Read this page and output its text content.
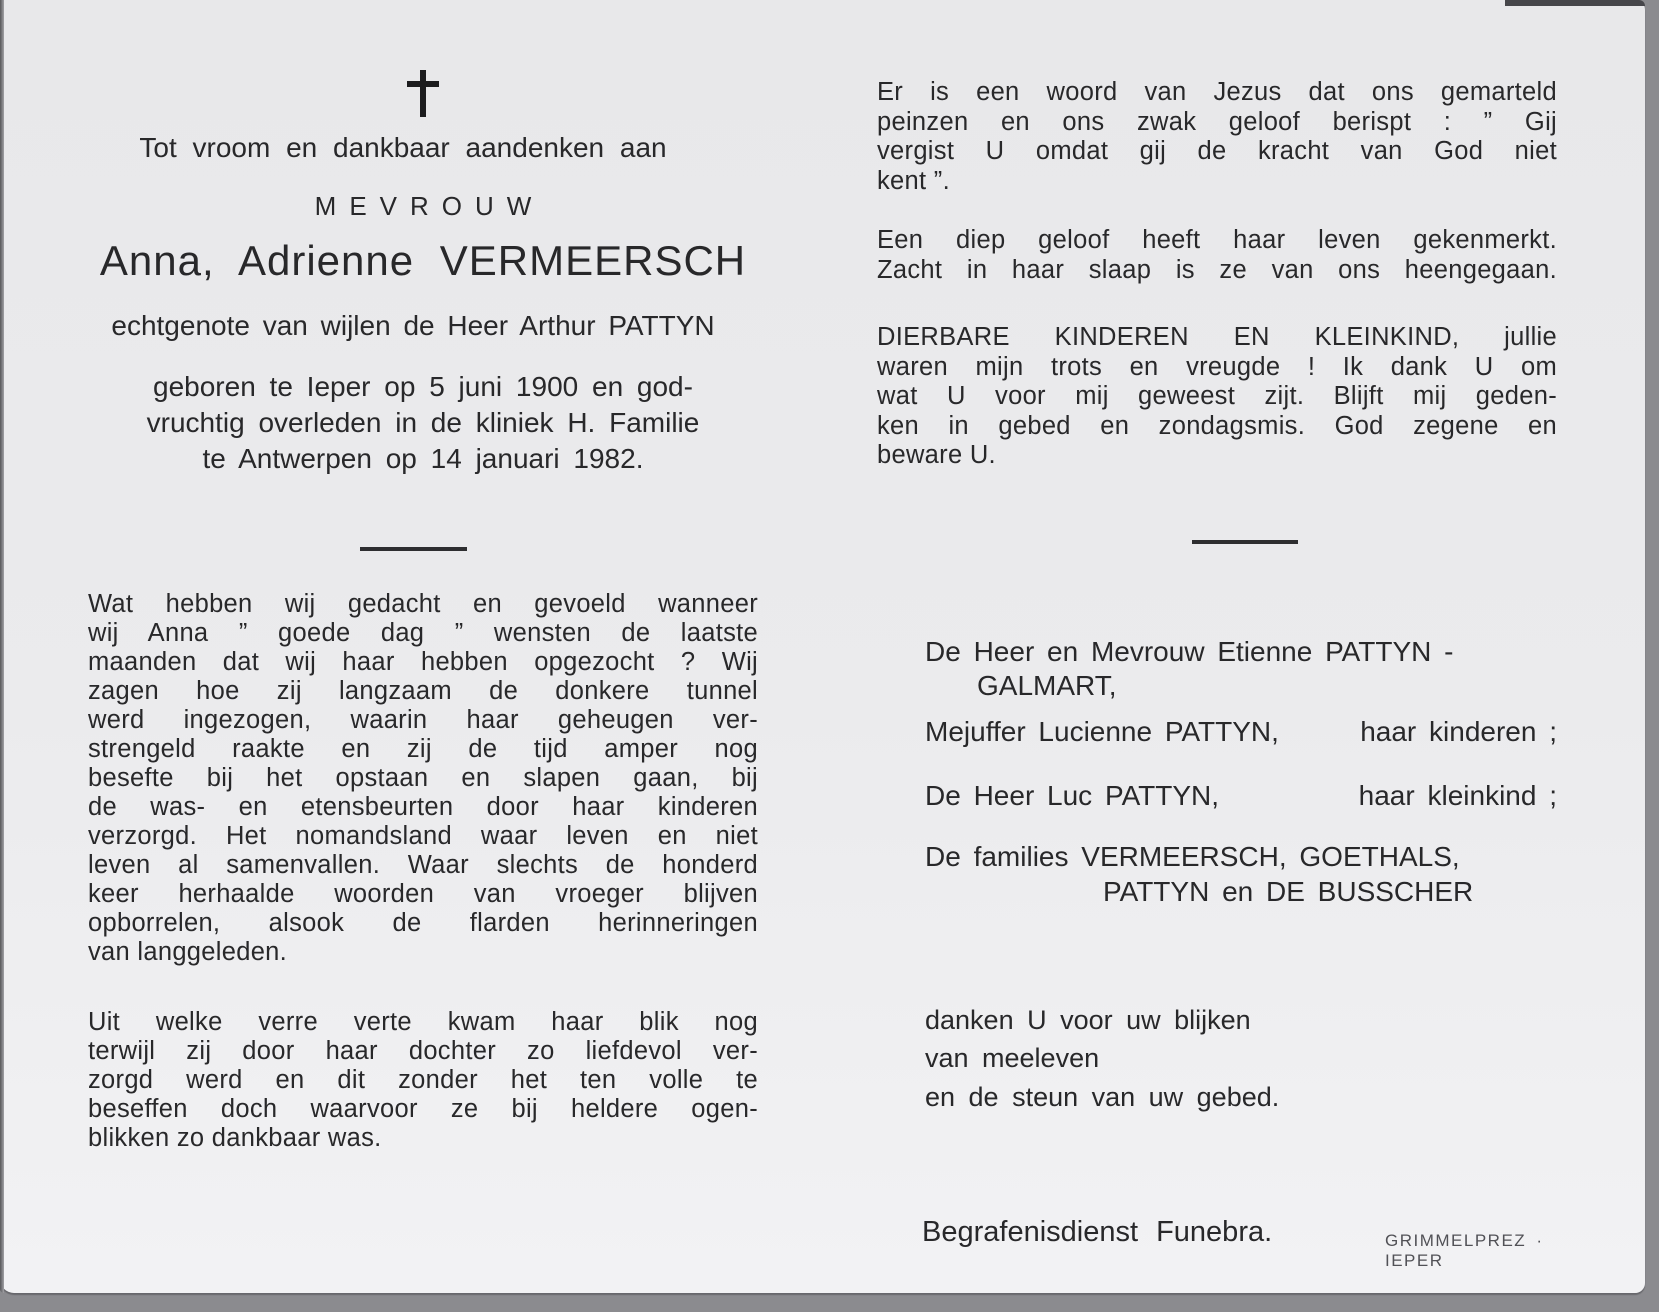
Tot vroom en dankbaar aandenken aan
MEVROUW
Anna, Adrienne VERMEERSCH
echtgenote van wijlen de Heer Arthur PATTYN
geboren te Ieper op 5 juni 1900 en god-
vruchtig overleden in de kliniek H. Familie
te Antwerpen op 14 januari 1982.
Wat hebben wij gedacht en gevoeld wanneer
wij Anna ” goede dag ” wensten de laatste
maanden dat wij haar hebben opgezocht ? Wij
zagen hoe zij langzaam de donkere tunnel
werd ingezogen, waarin haar geheugen ver-
strengeld raakte en zij de tijd amper nog
besefte bij het opstaan en slapen gaan, bij
de was- en etensbeurten door haar kinderen
verzorgd. Het nomandsland waar leven en niet
leven al samenvallen. Waar slechts de honderd
keer herhaalde woorden van vroeger blijven
opborrelen, alsook de flarden herinneringen
van langgeleden.
Uit welke verre verte kwam haar blik nog
terwijl zij door haar dochter zo liefdevol ver-
zorgd werd en dit zonder het ten volle te
beseffen doch waarvoor ze bij heldere ogen-
blikken zo dankbaar was.
Er is een woord van Jezus dat ons gemarteld
peinzen en ons zwak geloof berispt : ” Gij
vergist U omdat gij de kracht van God niet
kent ”.
Een diep geloof heeft haar leven gekenmerkt.
Zacht in haar slaap is ze van ons heengegaan.
DIERBARE KINDEREN EN KLEINKIND, jullie
waren mijn trots en vreugde ! Ik dank U om
wat U voor mij geweest zijt. Blijft mij geden-
ken in gebed en zondagsmis. God zegene en
beware U.
De Heer en Mevrouw Etienne PATTYN -
GALMART,
Mejuffer Lucienne PATTYN,	haar kinderen ;
De Heer Luc PATTYN,	haar kleinkind ;
De families VERMEERSCH, GOETHALS,
PATTYN en DE BUSSCHER
danken U voor uw blijken
van meeleven
en de steun van uw gebed.
Begrafenisdienst Funebra.	GRIMMELPREZ · IEPER
